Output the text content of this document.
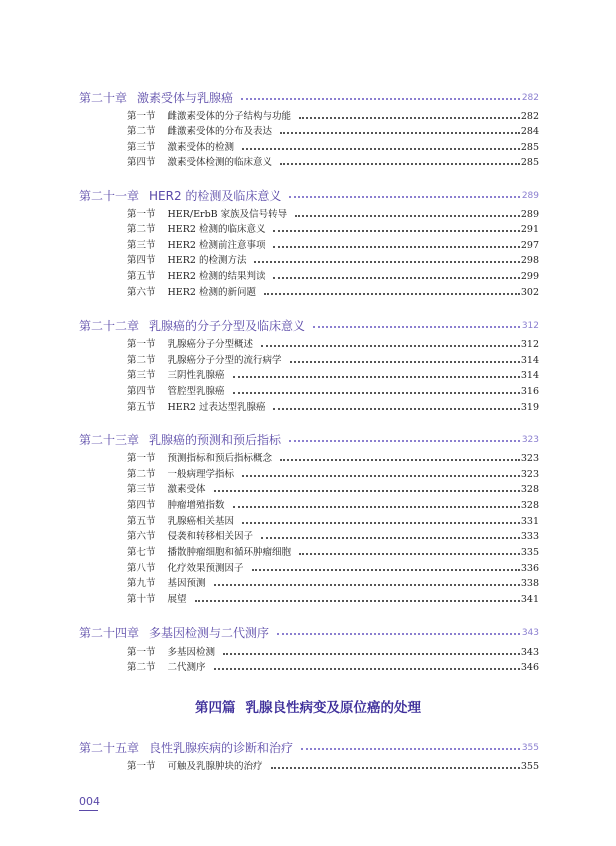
第二十章 激素受体与乳腺癌	282
第一节 雌激素受体的分子结构与功能	282
第二节 雌激素受体的分布及表达	284
第三节 激素受体的检测	285
第四节 激素受体检测的临床意义	285
第二十一章 HER2 的检测及临床意义	289
第一节 HER/ErbB 家族及信号转导	289
第二节 HER2 检测的临床意义	291
第三节 HER2 检测前注意事项	297
第四节 HER2 的检测方法	298
第五节 HER2 检测的结果判读	299
第六节 HER2 检测的新问题	302
第二十二章 乳腺癌的分子分型及临床意义	312
第一节 乳腺癌分子分型概述	312
第二节 乳腺癌分子分型的流行病学	314
第三节 三阴性乳腺癌	314
第四节 管腔型乳腺癌	316
第五节 HER2 过表达型乳腺癌	319
第二十三章 乳腺癌的预测和预后指标	323
第一节 预测指标和预后指标概念	323
第二节 一般病理学指标	323
第三节 激素受体	328
第四节 肿瘤增殖指数	328
第五节 乳腺癌相关基因	331
第六节 侵袭和转移相关因子	333
第七节 播散肿瘤细胞和循环肿瘤细胞	335
第八节 化疗效果预测因子	336
第九节 基因预测	338
第十节 展望	341
第二十四章 多基因检测与二代测序	343
第一节 多基因检测	343
第二节 二代测序	346
第四篇 乳腺良性病变及原位癌的处理
第二十五章 良性乳腺疾病的诊断和治疗	355
第一节 可触及乳腺肿块的治疗	355
004
